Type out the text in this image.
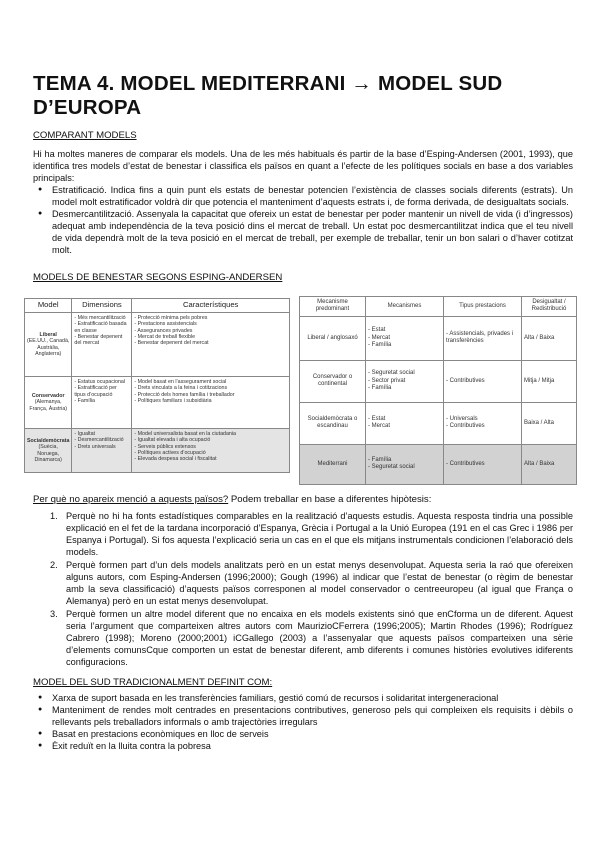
TEMA 4. MODEL MEDITERRANI → MODEL SUD D’EUROPA
COMPARANT MODELS

Hi ha moltes maneres de comparar els models. Una de les més habituals és partir de la base d’Esping-Andersen (2001, 1993), que identifica tres models d’estat de benestar i classifica els països en quant a l’efecte de les polítiques socials en base a dos variables principals:

● Estratificació. Indica fins a quin punt els estats de benestar potencien l’existència de classes socials diferents (estrats). Un model molt estratificador voldrà dir que potencia el manteniment d’aquests estrats i, de forma derivada, de desigualtats socials.
● Desmercantilització. Assenyala la capacitat que ofereix un estat de benestar per poder mantenir un nivell de vida (i d’ingressos) adequat amb independència de la teva posició dins el mercat de treball. Un estat poc desmercantilitzat indica que el teu nivell de vida dependrà molt de la teva posició en el mercat de treball, per exemple de treballar, tenir un bon salari o d’haver cotitzat molt.
MODELS DE BENESTAR SEGONS ESPING-ANDERSEN
Model	Dimensions	Característiques
Liberal
(EE.UU., Canadà, Austràlia, Anglaterra)	- Més mercantilització
- Estratificació basada en classe
- Benestar depenent del mercat	- Protecció mínima pels pobres
- Prestacions assistencials
- Assegurances privades
- Mercat de treball flexible
- Benestar depenent del mercat
Conservador
(Alemanya, França, Àustria)	- Estatus ocupacional
- Estratificació per tipus d’ocupació
- Família	- Model basat en l’assegurament social
- Drets vinculats a la feina i cotitzacions
- Protecció dels homes família i treballador
- Polítiques familiars i subsidiària
Socialdemòcrata
(Suècia, Noruega, Dinamarca)	- Igualtat
- Desmercantilització
- Drets universals	- Model universalista basat en la ciutadania
- Igualtat elevada i alta ocupació
- Serveis públics extensos
- Polítiques actives d’ocupació
- Elevada despesa social i fiscalitat
Mecanisme predominant	Mecanismes	Tipus prestacions	Desigualtat / Redistribució
Liberal / anglosaxó	- Estat
- Mercat
- Família	- Assistencials, privades i transferències	Alta / Baixa
Conservador o continental	- Seguretat social
- Sector privat
- Família	- Contributives	Mitja / Mitja
Socialdemòcrata o escandinau	- Estat
- Mercat	- Universals
- Contributives	Baixa / Alta
Mediterrani	- Família
- Seguretat social	- Contributives	Alta / Baixa

Per què no apareix menció a aquests països? Podem treballar en base a diferentes hipòtesis:

1. Perquè no hi ha fonts estadístiques comparables en la realització d’aquests estudis. Aquesta resposta tindria una possible explicació en el fet de la tardana incorporació d’Espanya, Grècia i Portugal a la Unió Europea (191 en el cas Grec i 1986 per Espanya i Portugal). Si fos aquesta l’explicació seria un cas en el que els mitjans instrumentals condicionen l’elaboració dels models.
2. Perquè formen part d’un dels models analitzats però en un estat menys desenvolupat. Aquesta seria la raó que ofereixen alguns autors, com Esping-Andersen (1996;2000); Gough (1996) al indicar que l’estat de benestar (o règim de benestar amb la seva classificació) d’aquests països corresponen al model conservador o centreeuropeu (al igual que França o Alemanya) però en un estat menys desenvolupat.
3. Perquè formen un altre model diferent que no encaixa en els models existents sinó que enCforma un de diferent. Aquest seria l’argument que comparteixen altres autors com MaurizioCFerrera (1996;2005); Martin Rhodes (1996); Rodríguez Cabrero (1998); Moreno (2000;2001) iCGallego (2003) a l’assenyalar que aquests països comparteixen una sèrie d’elements comunsCque comporten un estat de benestar diferent, amb diferents i comunes històries evolutives idiferents configuracions.
MODEL DEL SUD TRADICIONALMENT DEFINIT COM:
● Xarxa de suport basada en les transferències familiars, gestió comú de recursos i solidaritat intergeneracional
● Manteniment de rendes molt centrades en presentacions contributives, generoso pels qui compleixen els requisits i dèbils o rellevants pels treballadors informals o amb trajectòries irregulars
● Basat en prestacions econòmiques en lloc de serveis
● Èxit reduït en la lluita contra la pobresa
